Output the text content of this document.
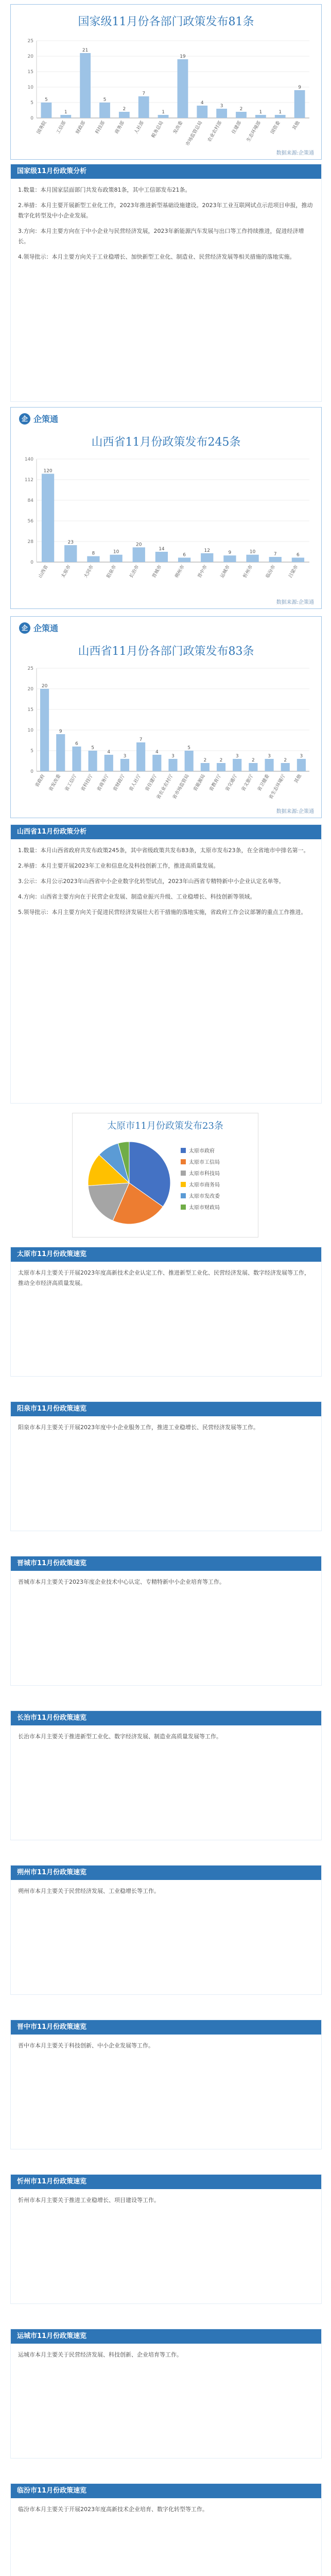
国家级11月份各部门政策发布81条
0
5
10
15
20
25
5
国务院
1
工信部
21
财政部
5
科技部
2
商务部
7
人社部
1
税务总局
19
发改委
4
市场监管总局
3
农业农村部
2
住建部
1
生态环境部
1
国资委
9
其他
数据来源:企策通
国家级11月份政策分析

1.数量：本月国家层面部门共发布政策81条，其中工信部发布21条。

2.举措：本月主要开展新型工业化工作，2023年推进新型基础设施建设。2023年工业互联网试点示范项目申报，推动数字化转型及中小企业发展。

3.方向：本月主要方向在于中小企业与民营经济发展，2023年新能源汽车发展与出口等工作持续推进，促进经济增长。

4.领导批示：本月主要方向关于工业稳增长、加快新型工业化、制造业、民营经济发展等相关措施的落地实施。

企 企策通
山西省11月份政策发布245条
0
28
56
84
112
140
120
山西省
23
太原市
8
大同市
10
阳泉市
20
长治市
14
晋城市
6
朔州市
12
晋中市
9
运城市
10
忻州市
7
临汾市
6
吕梁市
数据来源:企策通
企 企策通
山西省11月份各部门政策发布83条
0
5
10
15
20
25
20
省政府
9
省发改委
6
省工信厅
5
省科技厅
4
省商务厅
3
省财政厅
7
省人社厅
4
省住建厅
3
省农业农村厅
5
省市场监管局
2
省能源局
2
省教育厅
3
省交通厅
2
省文旅厅
3
省卫健委
2
省生态环境厅
3
其他
数据来源:企策通
山西省11月份政策分析

1.数量：本月山西省政府共发布政策245条，其中省级政策共发布83条，太原市发布23条，在全省地市中排名第一。

2.举措：本月主要开展2023年工业和信息化及科技创新工作，推进高质量发展。

3.公示：本月公示2023年山西省中小企业数字化转型试点，2023年山西省专精特新中小企业认定名单等。

4.方向：山西省主要方向在于民营企业发展、制造业振兴升级、工业稳增长、科技创新等领域。

5.领导批示：本月主要方向关于促进民营经济发展壮大若干措施的落地实施，省政府工作会议部署的重点工作推进。

太原市11月份政策发布23条
太原市政府
太原市工信局
太原市科技局
太原市商务局
太原市发改委
太原市财政局
太原市11月份政策速览

太原市本月主要关于开展2023年度高新技术企业认定工作、推进新型工业化、民营经济发展、数字经济发展等工作，推动全市经济高质量发展。

阳泉市11月份政策速览

阳泉市本月主要关于开展2023年度中小企业服务工作，推进工业稳增长、民营经济发展等工作。

晋城市11月份政策速览

晋城市本月主要关于2023年度企业技术中心认定、专精特新中小企业培育等工作。

长治市11月份政策速览

长治市本月主要关于推进新型工业化、数字经济发展、制造业高质量发展等工作。

朔州市11月份政策速览

朔州市本月主要关于民营经济发展、工业稳增长等工作。

晋中市11月份政策速览

晋中市本月主要关于科技创新、中小企业发展等工作。

忻州市11月份政策速览

忻州市本月主要关于推进工业稳增长、项目建设等工作。

运城市11月份政策速览

运城市本月主要关于民营经济发展、科技创新、企业培育等工作。

临汾市11月份政策速览

临汾市本月主要关于开展2023年度高新技术企业培育、数字化转型等工作。
